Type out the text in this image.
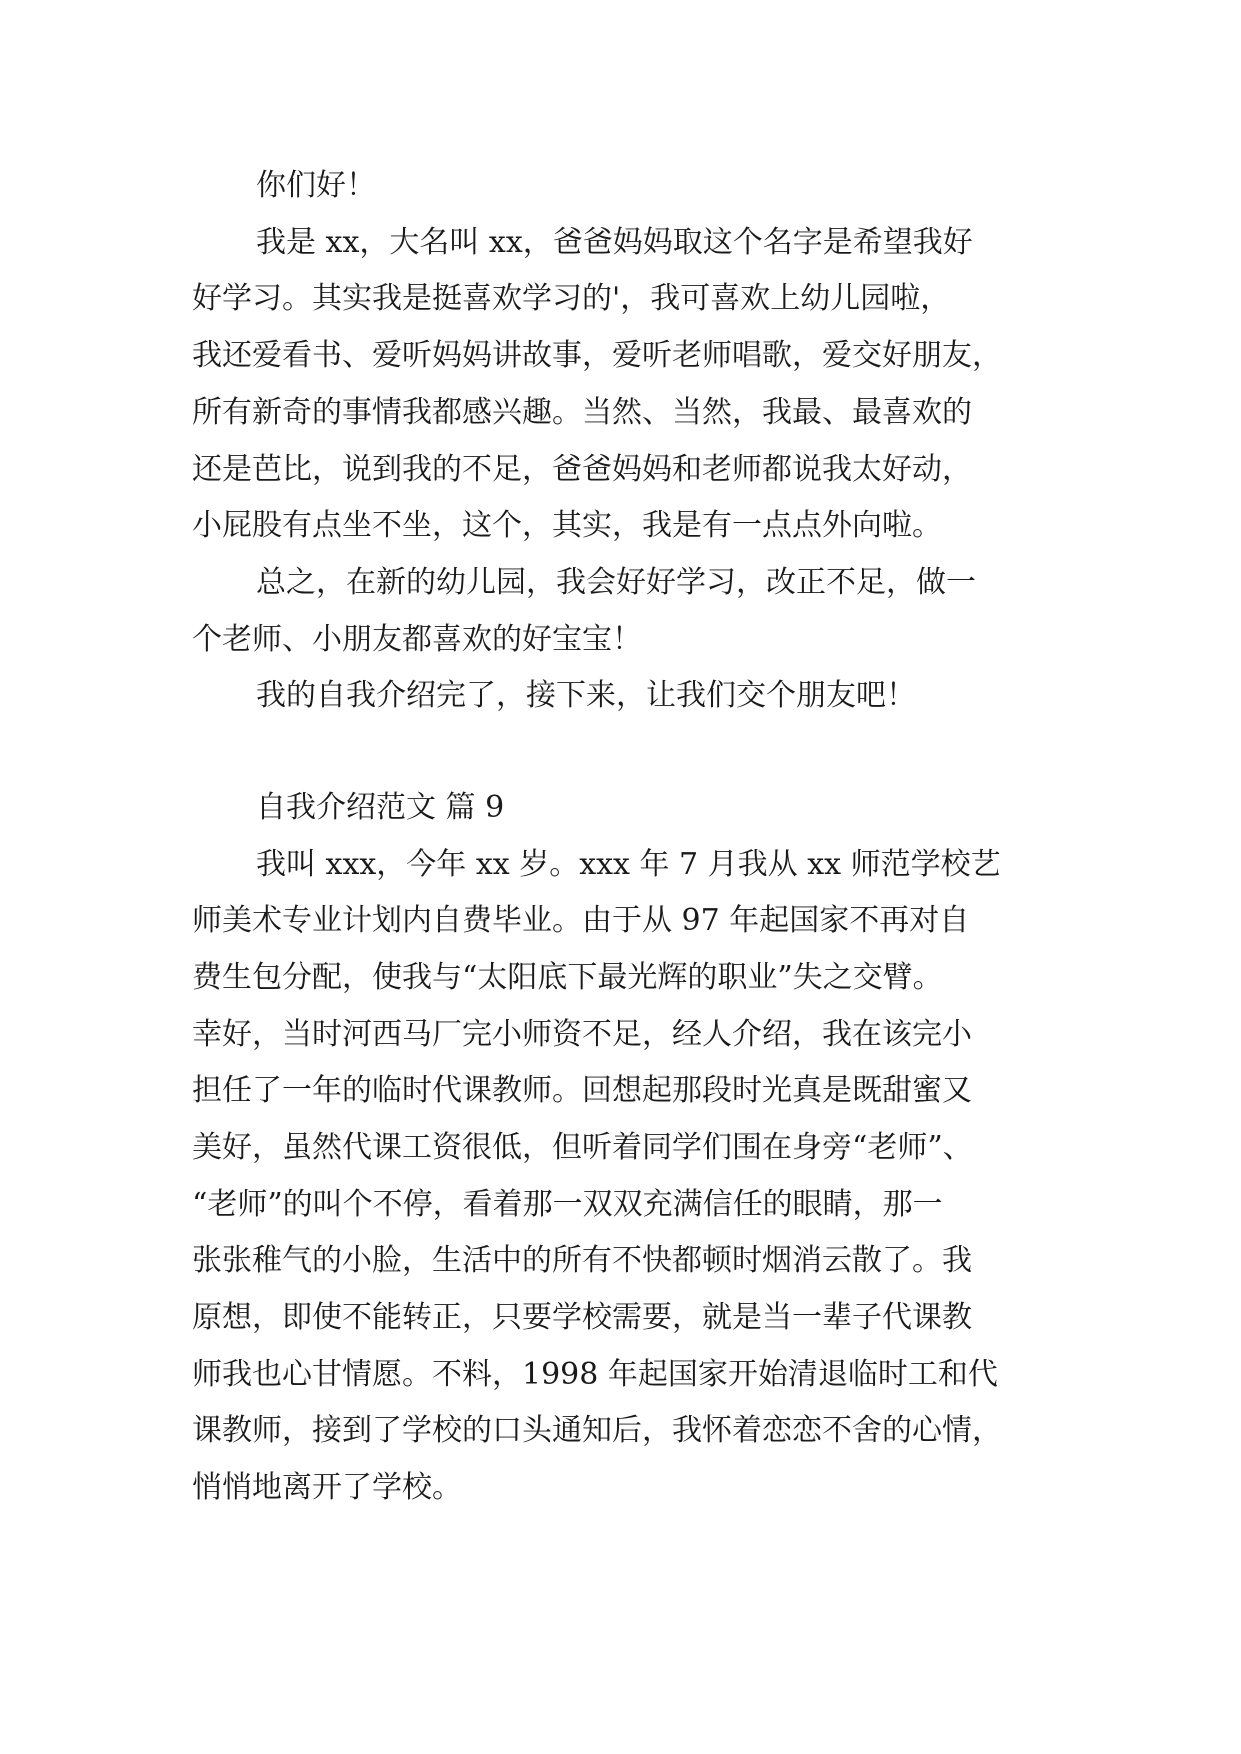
你们好！

我是 xx，大名叫 xx，爸爸妈妈取这个名字是希望我好

好学习。其实我是挺喜欢学习的'，我可喜欢上幼儿园啦，

我还爱看书、爱听妈妈讲故事，爱听老师唱歌，爱交好朋友，

所有新奇的事情我都感兴趣。当然、当然，我最、最喜欢的

还是芭比，说到我的不足，爸爸妈妈和老师都说我太好动，

小屁股有点坐不坐，这个，其实，我是有一点点外向啦。

总之，在新的幼儿园，我会好好学习，改正不足，做一

个老师、小朋友都喜欢的好宝宝！

我的自我介绍完了，接下来，让我们交个朋友吧！

自我介绍范文 篇 9

我叫 xxx，今年 xx 岁。xxx 年 7 月我从 xx 师范学校艺

师美术专业计划内自费毕业。由于从 97 年起国家不再对自

费生包分配，使我与“太阳底下最光辉的职业”失之交臂。

幸好，当时河西马厂完小师资不足，经人介绍，我在该完小

担任了一年的临时代课教师。回想起那段时光真是既甜蜜又

美好，虽然代课工资很低，但听着同学们围在身旁“老师”、

“老师”的叫个不停，看着那一双双充满信任的眼睛，那一

张张稚气的小脸，生活中的所有不快都顿时烟消云散了。我

原想，即使不能转正，只要学校需要，就是当一辈子代课教

师我也心甘情愿。不料，1998 年起国家开始清退临时工和代

课教师，接到了学校的口头通知后，我怀着恋恋不舍的心情，

悄悄地离开了学校。
